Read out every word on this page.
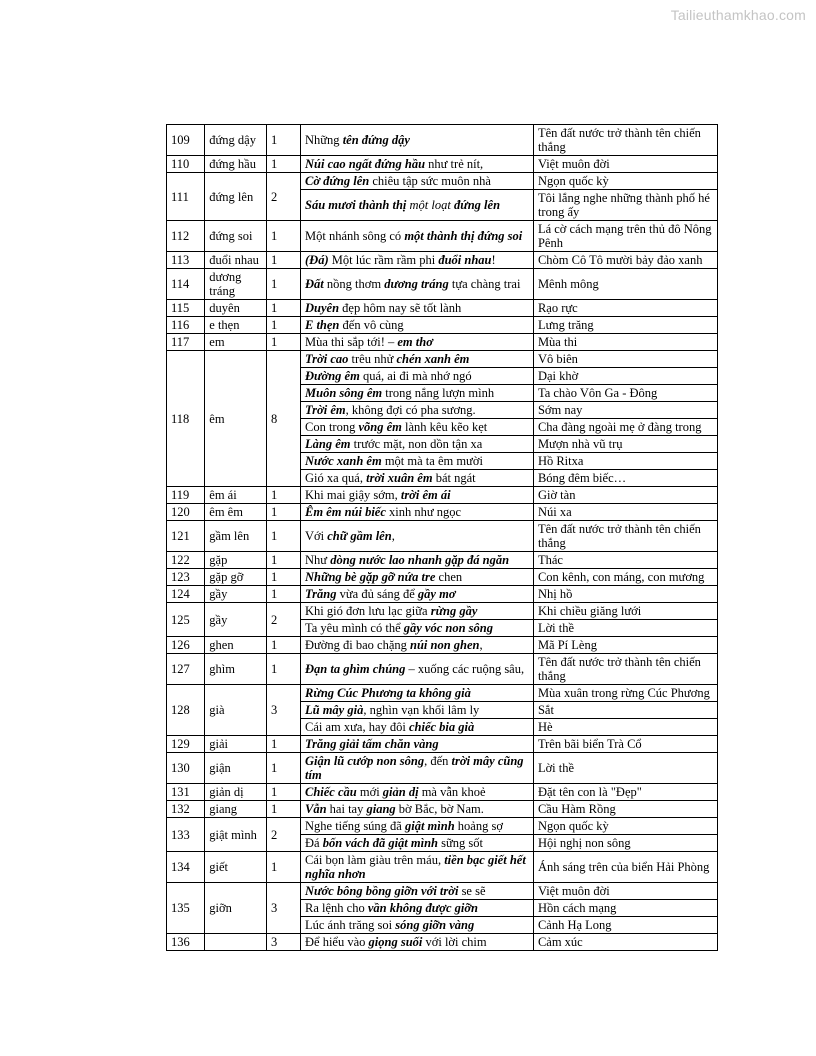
Tailieuthamkhao.com
109	đứng dậy	1	Những tên đứng dậy	Tên đất nước trở thành tên chiến thắng
110	đứng hầu	1	Núi cao ngất đứng hầu như trẻ nít,	Việt muôn đời
111	đứng lên	2	Cờ đứng lên chiêu tập sức muôn nhà	Ngọn quốc kỳ
			Sáu mươi thành thị một loạt đứng lên	Tôi lắng nghe những thành phố hé trong ấy
112	đứng soi	1	Một nhánh sông có một thành thị đứng soi	Lá cờ cách mạng trên thủ đô Nông Pênh
113	đuổi nhau	1	(Đá) Một lúc rầm rầm phi đuổi nhau!	Chòm Cô Tô mười bảy đảo xanh
114	dương tráng	1	Đất nồng thơm dương tráng tựa chàng trai	Mênh mông
115	duyên	1	Duyên đẹp hôm nay sẽ tốt lành	Rạo rực
116	e thẹn	1	E thẹn đến vô cùng	Lưng trăng
117	em	1	Mùa thi sắp tới! – em thơ	Mùa thi
118	êm	8	Trời cao trêu nhử chén xanh êm	Vô biên
			Đường êm quá, ai đi mà nhớ ngó	Dại khờ
			Muôn sông êm trong nắng lượn mình	Ta chào Vôn Ga - Đông
			Trời êm, không đợi có pha sương.	Sớm nay
			Con trong võng êm lành kêu kẽo kẹt	Cha đàng ngoài mẹ ở đàng trong
			Làng êm trước mặt, non dồn tận xa	Mượn nhà vũ trụ
			Nước xanh êm một mà ta êm mười	Hồ Ritxa
			Gió xa quá, trời xuân êm bát ngát	Bóng đêm biếc…
119	êm ái	1	Khi mai giậy sớm, trời êm ái	Giờ tàn
120	êm êm	1	Êm êm núi biếc xinh như ngọc	Núi xa
121	gầm lên	1	Với chữ gầm lên,	Tên đất nước trở thành tên chiến thắng
122	gặp	1	Như dòng nước lao nhanh gặp đá ngăn	Thác
123	gặp gỡ	1	Những bè gặp gỡ nứa tre chen	Con kênh, con máng, con mương
124	gầy	1	Trăng vừa đủ sáng để gầy mơ	Nhị hồ
125	gầy	2	Khi gió đơn lưu lạc giữa rừng gầy	Khi chiều giăng lưới
			Ta yêu mình có thể gầy vóc non sông	Lời thề
126	ghen	1	Đường đi bao chặng núi non ghen,	Mã Pí Lèng
127	ghìm	1	Đạn ta ghìm chúng – xuống các ruộng sâu,	Tên đất nước trở thành tên chiến thắng
128	già	3	Rừng Cúc Phương ta không già	Mùa xuân trong rừng Cúc Phương
			Lũ mây già, nghìn vạn khối lâm ly	Sắt
			Cái am xưa, hay đôi chiếc bia già	Hè
129	giải	1	Trăng giải tấm chăn vàng	Trên bãi biển Trà Cổ
130	giận	1	Giận lũ cướp non sông, đến trời mây cũng tím	Lời thề
131	giản dị	1	Chiếc cầu mới giản dị mà vẫn khoẻ	Đặt tên con là "Đẹp"
132	giang	1	Vẫn hai tay giang bờ Bắc, bờ Nam.	Cầu Hàm Rồng
133	giật mình	2	Nghe tiếng súng đã giật mình hoảng sợ	Ngọn quốc kỳ
			Đá bốn vách đã giật mình sững sốt	Hội nghị non sông
134	giết	1	Cái bọn làm giàu trên máu, tiền bạc giết hết nghĩa nhơn	Ánh sáng trên của biển Hải Phòng
135	giỡn	3	Nước bông bồng giỡn với trời se sẽ	Việt muôn đời
			Ra lệnh cho vần không được giỡn	Hồn cách mạng
			Lúc ánh trăng soi sóng giỡn vàng	Cảnh Hạ Long
136		3	Để hiểu vào giọng suối với lời chim	Cảm xúc
